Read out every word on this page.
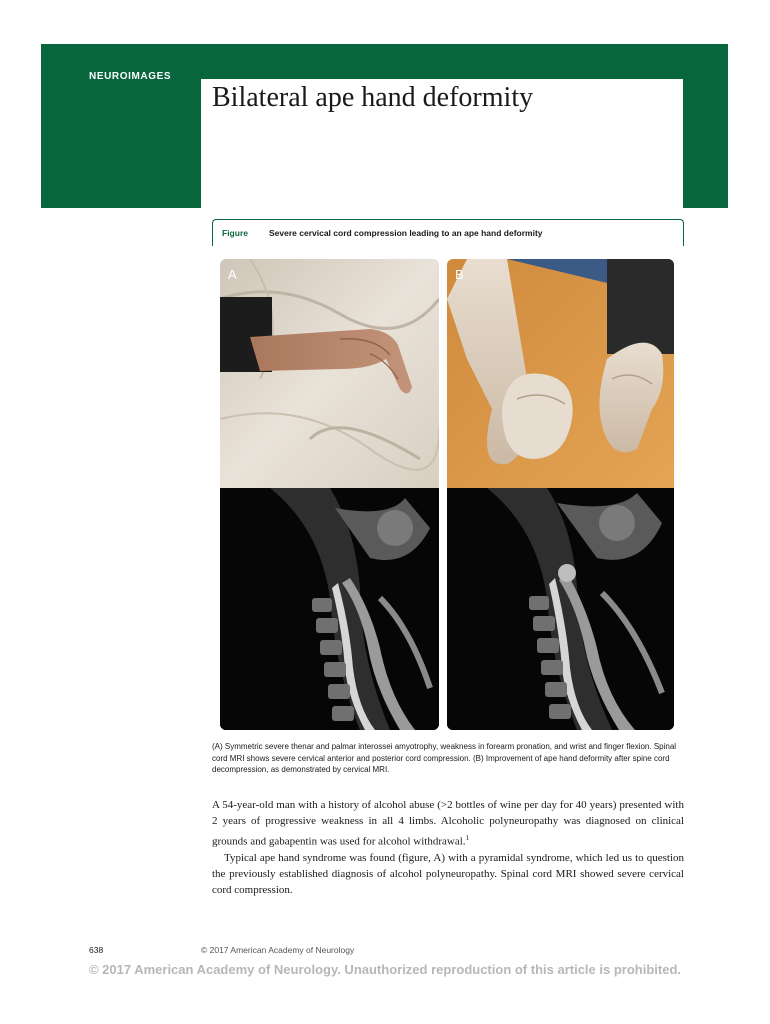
NEUROIMAGES
Bilateral ape hand deformity
Figure Severe cervical cord compression leading to an ape hand deformity
A	B
(A) Symmetric severe thenar and palmar interossei amyotrophy, weakness in forearm pronation, and wrist and finger flexion. Spinal cord MRI shows severe cervical anterior and posterior cord compression. (B) Improvement of ape hand deformity after spine cord decompression, as demonstrated by cervical MRI.

A 54-year-old man with a history of alcohol abuse (>2 bottles of wine per day for 40 years) presented with 2 years of progressive weakness in all 4 limbs. Alcoholic polyneuropathy was diagnosed on clinical grounds and gabapentin was used for alcohol withdrawal.$^1$

Typical ape hand syndrome was found (figure, A) with a pyramidal syndrome, which led us to question the previously established diagnosis of alcohol polyneuropathy. Spinal cord MRI showed severe cervical cord compression.

638	© 2017 American Academy of Neurology
© 2017 American Academy of Neurology. Unauthorized reproduction of this article is prohibited.
